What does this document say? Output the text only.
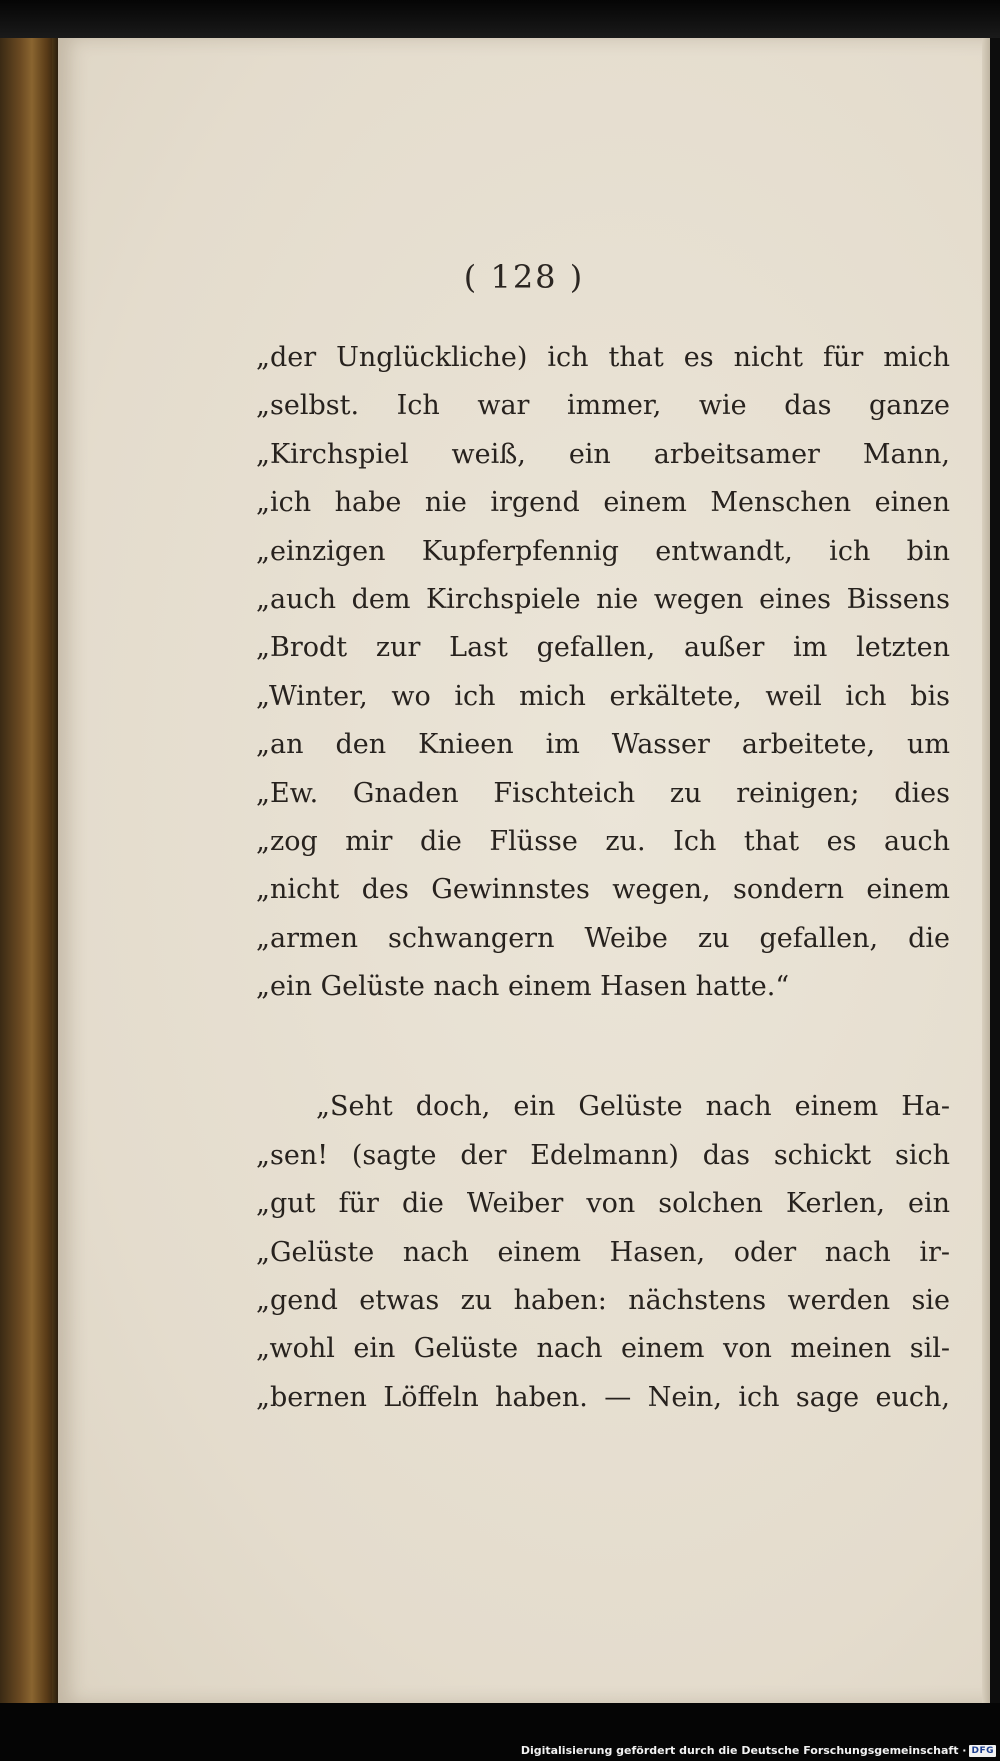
( 128 )
„der Unglückliche) ich that es nicht für mich
„selbst. Ich war immer, wie das ganze
„Kirchspiel weiß, ein arbeitsamer Mann,
„ich habe nie irgend einem Menschen einen
„einzigen Kupferpfennig entwandt, ich bin
„auch dem Kirchspiele nie wegen eines Bissens
„Brodt zur Last gefallen, außer im letzten
„Winter, wo ich mich erkältete, weil ich bis
„an den Knieen im Wasser arbeitete, um
„Ew. Gnaden Fischteich zu reinigen; dies
„zog mir die Flüsse zu. Ich that es auch
„nicht des Gewinnstes wegen, sondern einem
„armen schwangern Weibe zu gefallen, die
„ein Gelüste nach einem Hasen hatte.“
„Seht doch, ein Gelüste nach einem Ha-
„sen! (sagte der Edelmann) das schickt sich
„gut für die Weiber von solchen Kerlen, ein
„Gelüste nach einem Hasen, oder nach ir-
„gend etwas zu haben: nächstens werden sie
„wohl ein Gelüste nach einem von meinen sil-
„bernen Löffeln haben. — Nein, ich sage euch,
Digitalisierung gefördert durch die Deutsche Forschungsgemeinschaft · DFG
